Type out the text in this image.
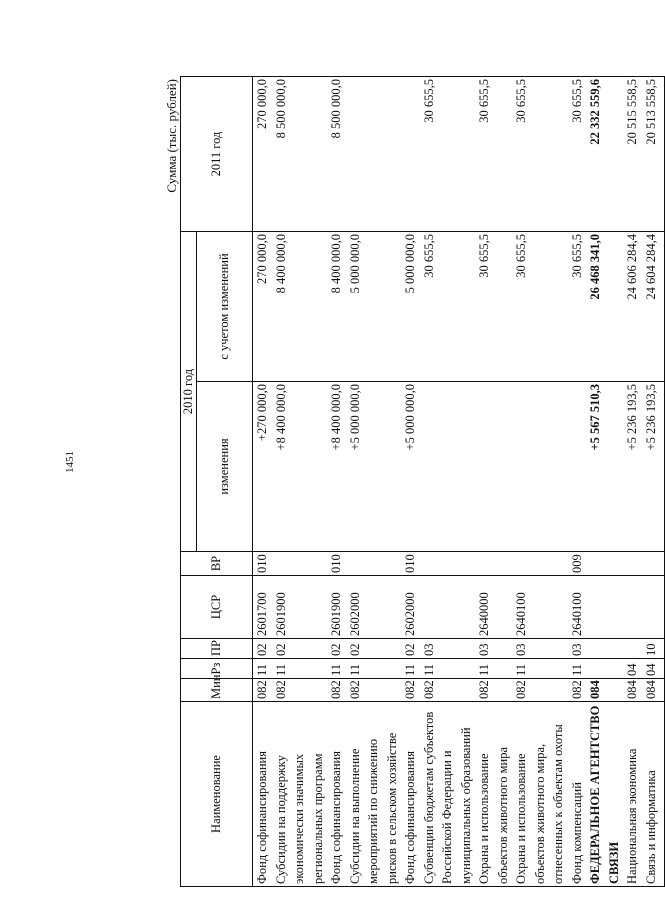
1451
Сумма (тыс. рублей)
Наименование	Мин	Рз	ПР	ЦСР	ВР	2010 год		2011 год
						изменения	с учетом изменений	
Фонд софинансирования	082	11	02	2601700	010	+270 000,0	270 000,0	270 000,0
Субсидии на поддержку экономически значимых региональных программ	082	11	02	2601900		+8 400 000,0	8 400 000,0	8 500 000,0
Фонд софинансирования	082	11	02	2601900	010	+8 400 000,0	8 400 000,0	8 500 000,0
Субсидии на выполнение мероприятий по снижению рисков в сельском хозяйстве	082	11	02	2602000		+5 000 000,0	5 000 000,0	
Фонд софинансирования	082	11	02	2602000	010	+5 000 000,0	5 000 000,0	
Субвенции бюджетам субъектов Российской Федерации и муниципальных образований	082	11	03				30 655,5	30 655,5
Охрана и использование объектов животного мира	082	11	03	2640000			30 655,5	30 655,5
Охрана и использование объектов животного мира, отнесенных к объектам охоты	082	11	03	2640100			30 655,5	30 655,5
Фонд компенсаций	082	11	03	2640100	009		30 655,5	30 655,5
ФЕДЕРАЛЬНОЕ АГЕНТСТВО СВЯЗИ	084					+5 567 510,3	26 468 341,0	22 332 559,6
Национальная экономика	084	04				+5 236 193,5	24 606 284,4	20 515 558,5
Связь и информатика	084	04	10			+5 236 193,5	24 604 284,4	20 513 558,5
